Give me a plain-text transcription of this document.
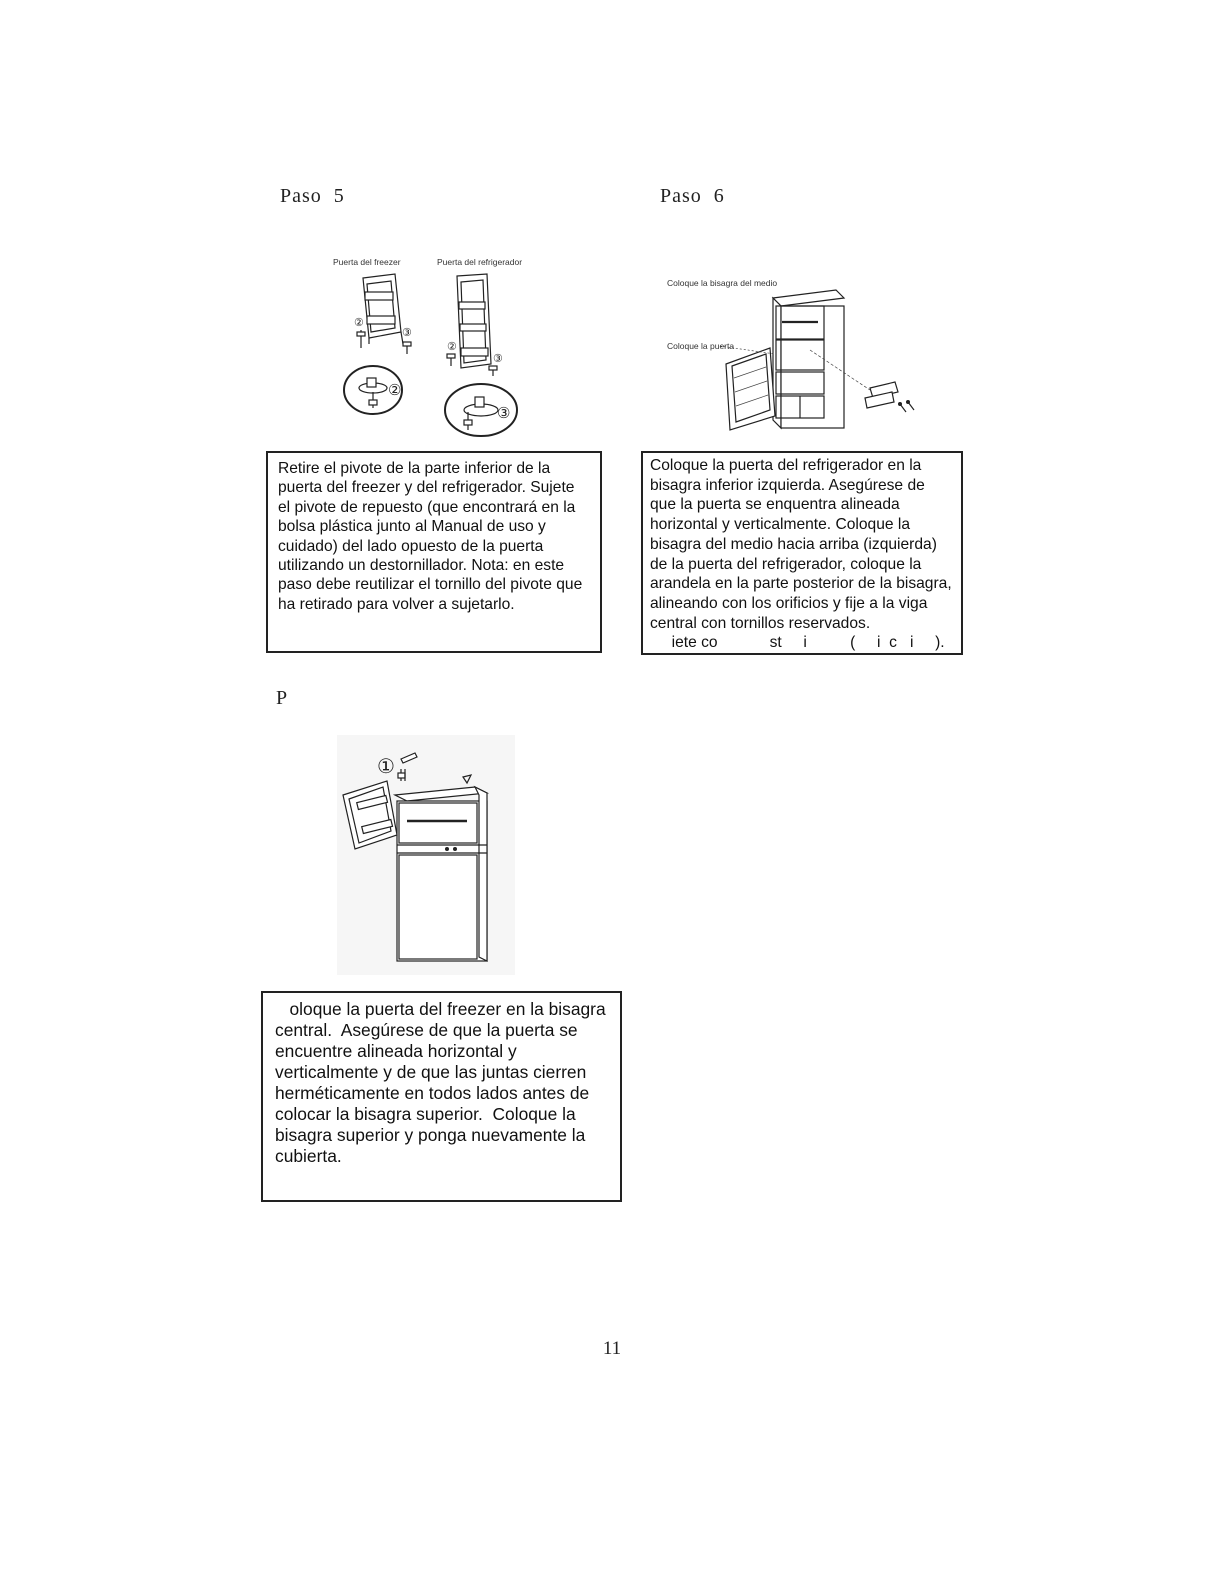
Paso  5
Puerta del freezer	Puerta del refrigerador
②
③
②
③
②
③

Retire el pivote de la parte inferior de la puerta del freezer y del refrigerador. Sujete el pivote de repuesto (que encontrará en la bolsa plástica junto al Manual de uso y cuidado) del lado opuesto de la puerta utilizando un destornillador. Nota: en este paso debe reutilizar el tornillo del pivote que ha retirado para volver a sujetarlo.

Paso  6
Coloque la bisagra del medio
Coloque la puerta

Coloque la puerta del refrigerador en la bisagra inferior izquierda. Asegúrese de que la puerta se enquentra alineada horizontal y verticalmente. Coloque la bisagra del medio hacia arriba (izquierda) de la puerta del refrigerador, coloque la arandela en la parte posterior de la bisagra, alineando con los orificios y fije a la viga central con tornillos reservados.

iete co            st     i          (     i  c   i     ).

P
①

oloque la puerta del freezer en la bisagra central.  Asegúrese de que la puerta se encuentre alineada horizontal y verticalmente y de que las juntas cierren herméticamente en todos lados antes de colocar la bisagra superior.  Coloque la bisagra superior y ponga nuevamente la cubierta.

11
